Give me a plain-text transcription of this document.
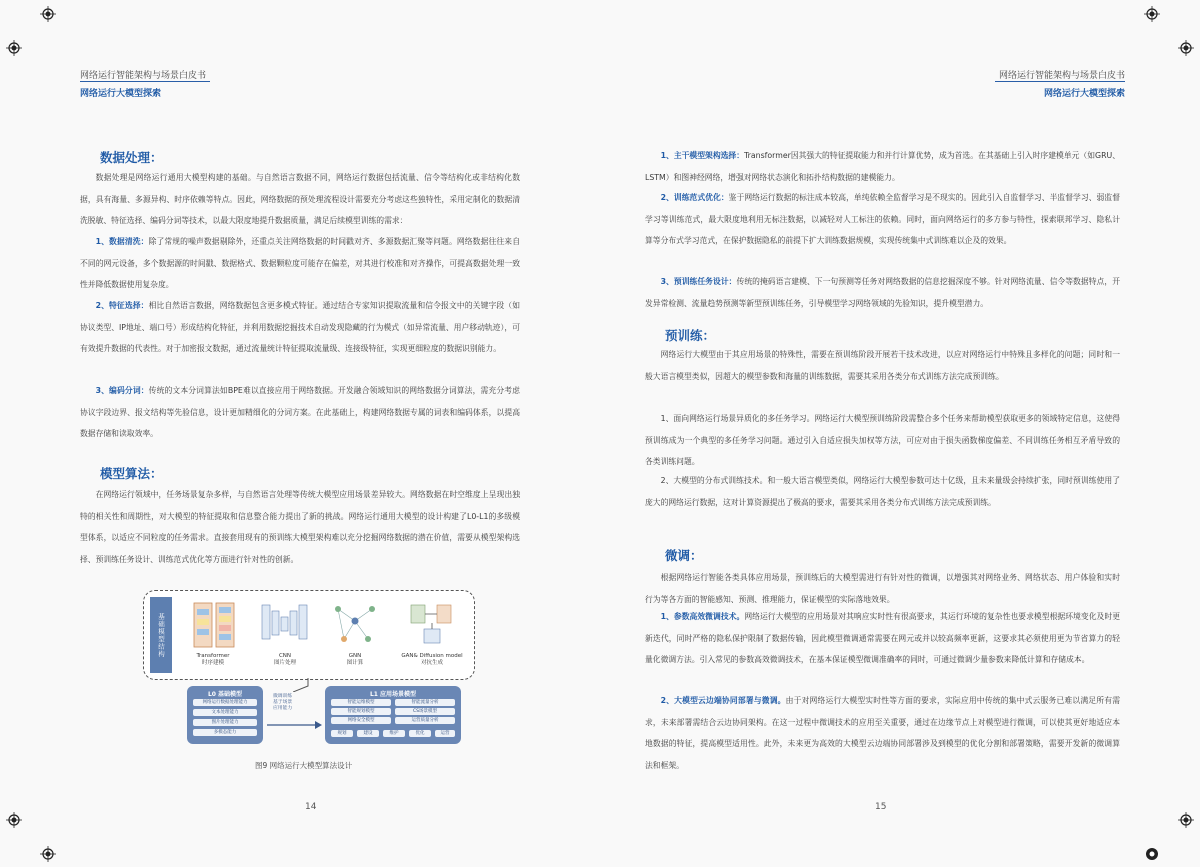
网络运行智能架构与场景白皮书
网络运行大模型探索
数据处理：
数据处理是网络运行通用大模型构建的基础。与自然语言数据不同，网络运行数据包括流量、信令等结构化或非结构化数据，具有海量、多源异构、时序依赖等特点。因此，网络数据的预处理流程设计需要充分考虑这些独特性，采用定制化的数据清洗脱敏、特征选择、编码分词等技术，以最大限度地提升数据质量，满足后续模型训练的需求：
1、数据清洗：除了常规的噪声数据剔除外，还重点关注网络数据的时间戳对齐、多源数据汇聚等问题。网络数据往往来自不同的网元设备，多个数据源的时间戳、数据格式、数据颗粒度可能存在偏差，对其进行校准和对齐操作，可提高数据处理一致性并降低数据使用复杂度。
2、特征选择：相比自然语言数据，网络数据包含更多模式特征。通过结合专家知识提取流量和信令报文中的关键字段（如协议类型、IP地址、端口号）形成结构化特征，并利用数据挖掘技术自动发现隐藏的行为模式（如异常流量、用户移动轨迹），可有效提升数据的代表性。对于加密报文数据，通过流量统计特征提取流量级、连接级特征，实现更细粒度的数据识别能力。
3、编码分词：传统的文本分词算法如BPE难以直接应用于网络数据。开发融合领域知识的网络数据分词算法，需充分考虑协议字段边界、报文结构等先验信息，设计更加精细化的分词方案。在此基础上，构建网络数据专属的词表和编码体系，以提高数据存储和读取效率。
模型算法：
在网络运行领域中，任务场景复杂多样，与自然语言处理等传统大模型应用场景差异较大。网络数据在时空维度上呈现出独特的相关性和周期性，对大模型的特征提取和信息整合能力提出了新的挑战。网络运行通用大模型的设计构建了L0-L1的多级模型体系，以适应不同粒度的任务需求。直接套用现有的预训练大模型架构难以充分挖掘网络数据的潜在价值，需要从模型架构选择、预训练任务设计、训练范式优化等方面进行针对性的创新。
基础模型结构	Transformer
时序建模
CNN
图片处理
GNN
图计算
GAN& Diffusion model
对抗生成
L0 基础模型
网络运行数据处理能力
文本处理能力
图片处理能力
多模态能力
微调训练
基于场景
应用能力
L1 应用场景模型
智能运维模型	智能流量分析
智能规划模型	CS场景模型
网络安全模型	运营质量分析
规划	建设	维护	优化	运营
图9 网络运行大模型算法设计
14
网络运行智能架构与场景白皮书
网络运行大模型探索
1、主干模型架构选择：Transformer因其强大的特征提取能力和并行计算优势，成为首选。在其基础上引入时序建模单元（如GRU、LSTM）和图神经网络，增强对网络状态演化和拓扑结构数据的建模能力。
2、训练范式优化：鉴于网络运行数据的标注成本较高，单纯依赖全监督学习是不现实的。因此引入自监督学习、半监督学习、弱监督学习等训练范式，最大限度地利用无标注数据，以减轻对人工标注的依赖。同时，面向网络运行的多方参与特性，探索联邦学习、隐私计算等分布式学习范式，在保护数据隐私的前提下扩大训练数据规模，实现传统集中式训练难以企及的效果。
3、预训练任务设计：传统的掩码语言建模、下一句预测等任务对网络数据的信息挖掘深度不够。针对网络流量、信令等数据特点，开发异常检测、流量趋势预测等新型预训练任务，引导模型学习网络领域的先验知识，提升模型潜力。
预训练：
网络运行大模型由于其应用场景的特殊性，需要在预训练阶段开展若干技术改进，以应对网络运行中特殊且多样化的问题；同时和一般大语言模型类似，因超大的模型参数和海量的训练数据，需要其采用各类分布式训练方法完成预训练。
1、面向网络运行场景异质化的多任务学习。网络运行大模型预训练阶段需整合多个任务来帮助模型获取更多的领域特定信息，这使得预训练成为一个典型的多任务学习问题。通过引入自适应损失加权等方法，可应对由于损失函数梯度偏差、不同训练任务相互矛盾导致的各类训练问题。
2、大模型的分布式训练技术。和一般大语言模型类似，网络运行大模型参数可达十亿级，且未来量级会持续扩张，同时预训练使用了庞大的网络运行数据，这对计算资源提出了极高的要求，需要其采用各类分布式训练方法完成预训练。
微调：
根据网络运行智能各类具体应用场景，预训练后的大模型需进行有针对性的微调，以增强其对网络业务、网络状态、用户体验和实时行为等各方面的智能感知、预测、推理能力，保证模型的实际落地效果。
1、参数高效微调技术。网络运行大模型的应用场景对其响应实时性有很高要求，其运行环境的复杂性也要求模型根据环境变化及时更新迭代，同时严格的隐私保护限制了数据传输，因此模型微调通常需要在网元或并以较高频率更新，这要求其必须使用更为节省算力的轻量化微调方法。引入常见的参数高效微调技术，在基本保证模型微调准确率的同时，可通过微调少量参数来降低计算和存储成本。
2、大模型云边端协同部署与微调。由于对网络运行大模型实时性等方面的要求，实际应用中传统的集中式云服务已难以满足所有需求，未来部署需结合云边协同架构。在这一过程中微调技术的应用至关重要，通过在边缘节点上对模型进行微调，可以使其更好地适应本地数据的特征，提高模型适用性。此外，未来更为高效的大模型云边端协同部署涉及到模型的优化分割和部署策略，需要开发新的微调算法和框架。
15
